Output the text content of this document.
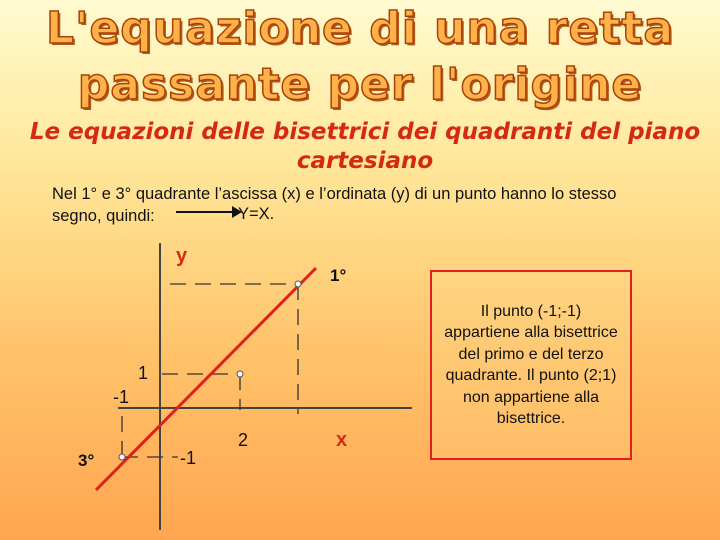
L'equazione di una retta
passante per l'origine
Le equazioni delle bisettrici dei quadranti del piano cartesiano
Nel 1° e 3° quadrante l’ascissa (x) e l’ordinata (y) di un punto hanno lo stesso
segno, quindi:	Y=X.
y
x
1°
3°
1
-1
2
-1
Il punto (-1;-1) appartiene alla bisettrice del primo e del terzo quadrante. Il punto (2;1) non appartiene alla bisettrice.
